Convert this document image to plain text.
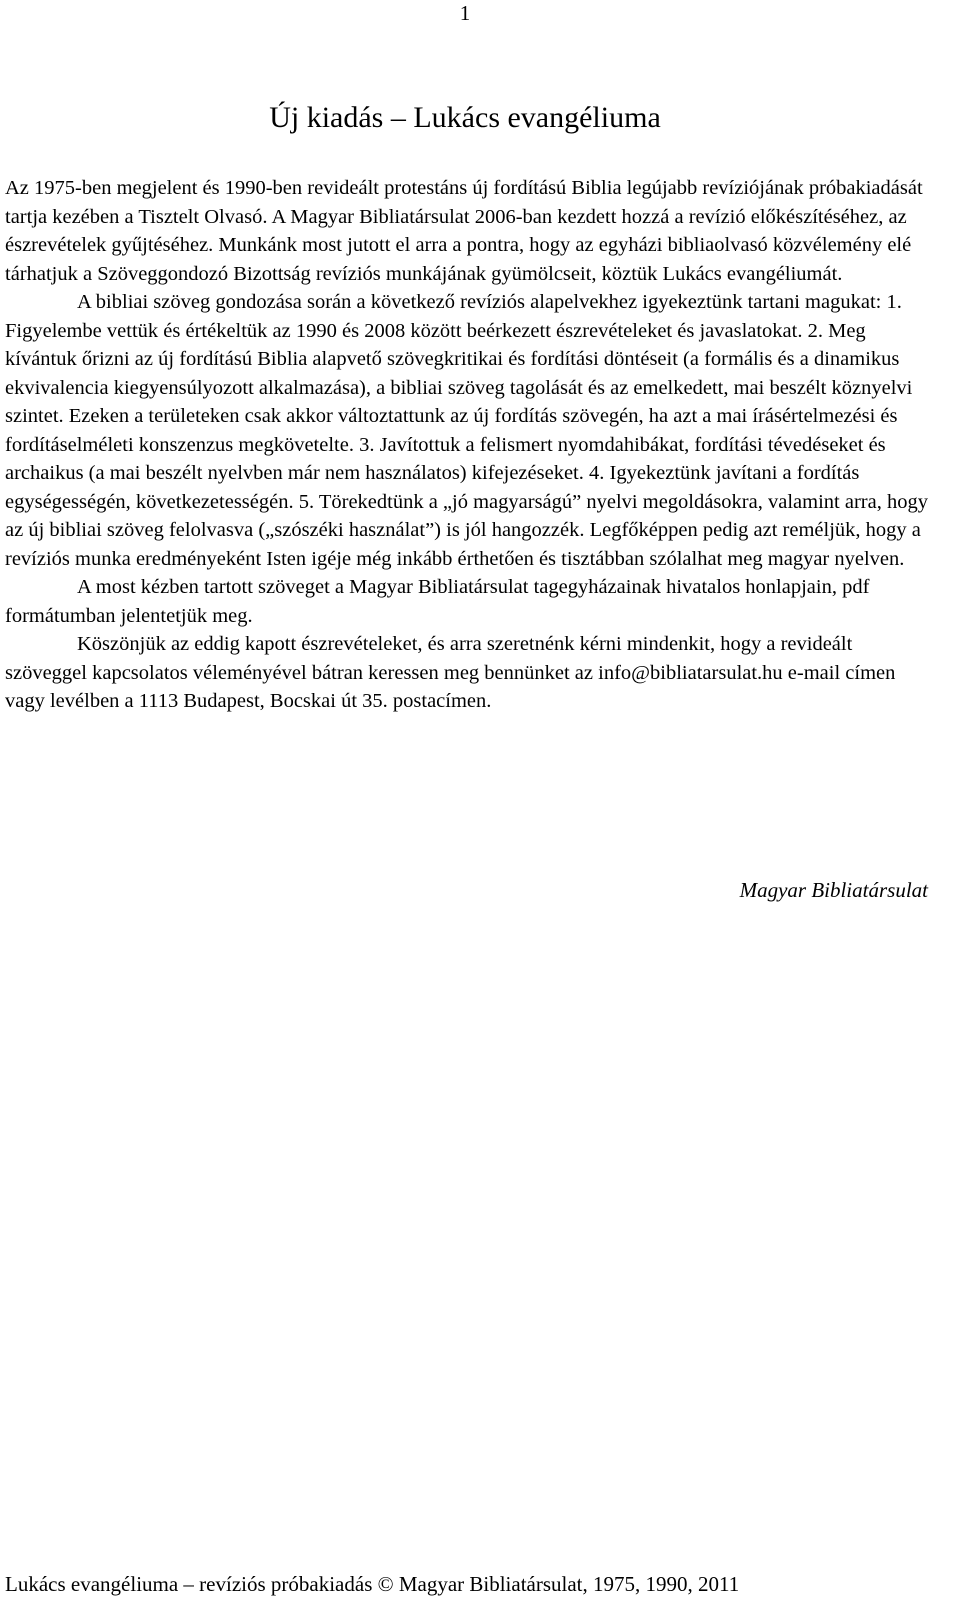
1
Új kiadás – Lukács evangéliuma

Az 1975-ben megjelent és 1990-ben revideált protestáns új fordítású Biblia legújabb revíziójának próbakiadását tartja kezében a Tisztelt Olvasó. A Magyar Bibliatársulat 2006-ban kezdett hozzá a revízió előkészítéséhez, az észrevételek gyűjtéséhez. Munkánk most jutott el arra a pontra, hogy az egyházi bibliaolvasó közvélemény elé tárhatjuk a Szöveggondozó Bizottság revíziós munkájának gyümölcseit, köztük Lukács evangéliumát.

A bibliai szöveg gondozása során a következő revíziós alapelvekhez igyekeztünk tartani magukat: 1. Figyelembe vettük és értékeltük az 1990 és 2008 között beérkezett észrevételeket és javaslatokat. 2. Meg kívántuk őrizni az új fordítású Biblia alapvető szövegkritikai és fordítási döntéseit (a formális és a dinamikus ekvivalencia kiegyensúlyozott alkalmazása), a bibliai szöveg tagolását és az emelkedett, mai beszélt köznyelvi szintet. Ezeken a területeken csak akkor változtattunk az új fordítás szövegén, ha azt a mai írásértelmezési és fordításelméleti konszenzus megkövetelte. 3. Javítottuk a felismert nyomdahibákat, fordítási tévedéseket és archaikus (a mai beszélt nyelvben már nem használatos) kifejezéseket. 4. Igyekeztünk javítani a fordítás egységességén, következetességén. 5. Törekedtünk a „jó magyarságú” nyelvi megoldásokra, valamint arra, hogy az új bibliai szöveg felolvasva („szószéki használat”) is jól hangozzék. Legfőképpen pedig azt reméljük, hogy a revíziós munka eredményeként Isten igéje még inkább érthetően és tisztábban szólalhat meg magyar nyelven.

A most kézben tartott szöveget a Magyar Bibliatársulat tagegyházainak hivatalos honlapjain, pdf formátumban jelentetjük meg.

Köszönjük az eddig kapott észrevételeket, és arra szeretnénk kérni mindenkit, hogy a revideált szöveggel kapcsolatos véleményével bátran keressen meg bennünket az info@bibliatarsulat.hu e-mail címen vagy levélben a 1113 Budapest, Bocskai út 35. postacímen.

Magyar Bibliatársulat
Lukács evangéliuma – revíziós próbakiadás © Magyar Bibliatársulat, 1975, 1990, 2011
